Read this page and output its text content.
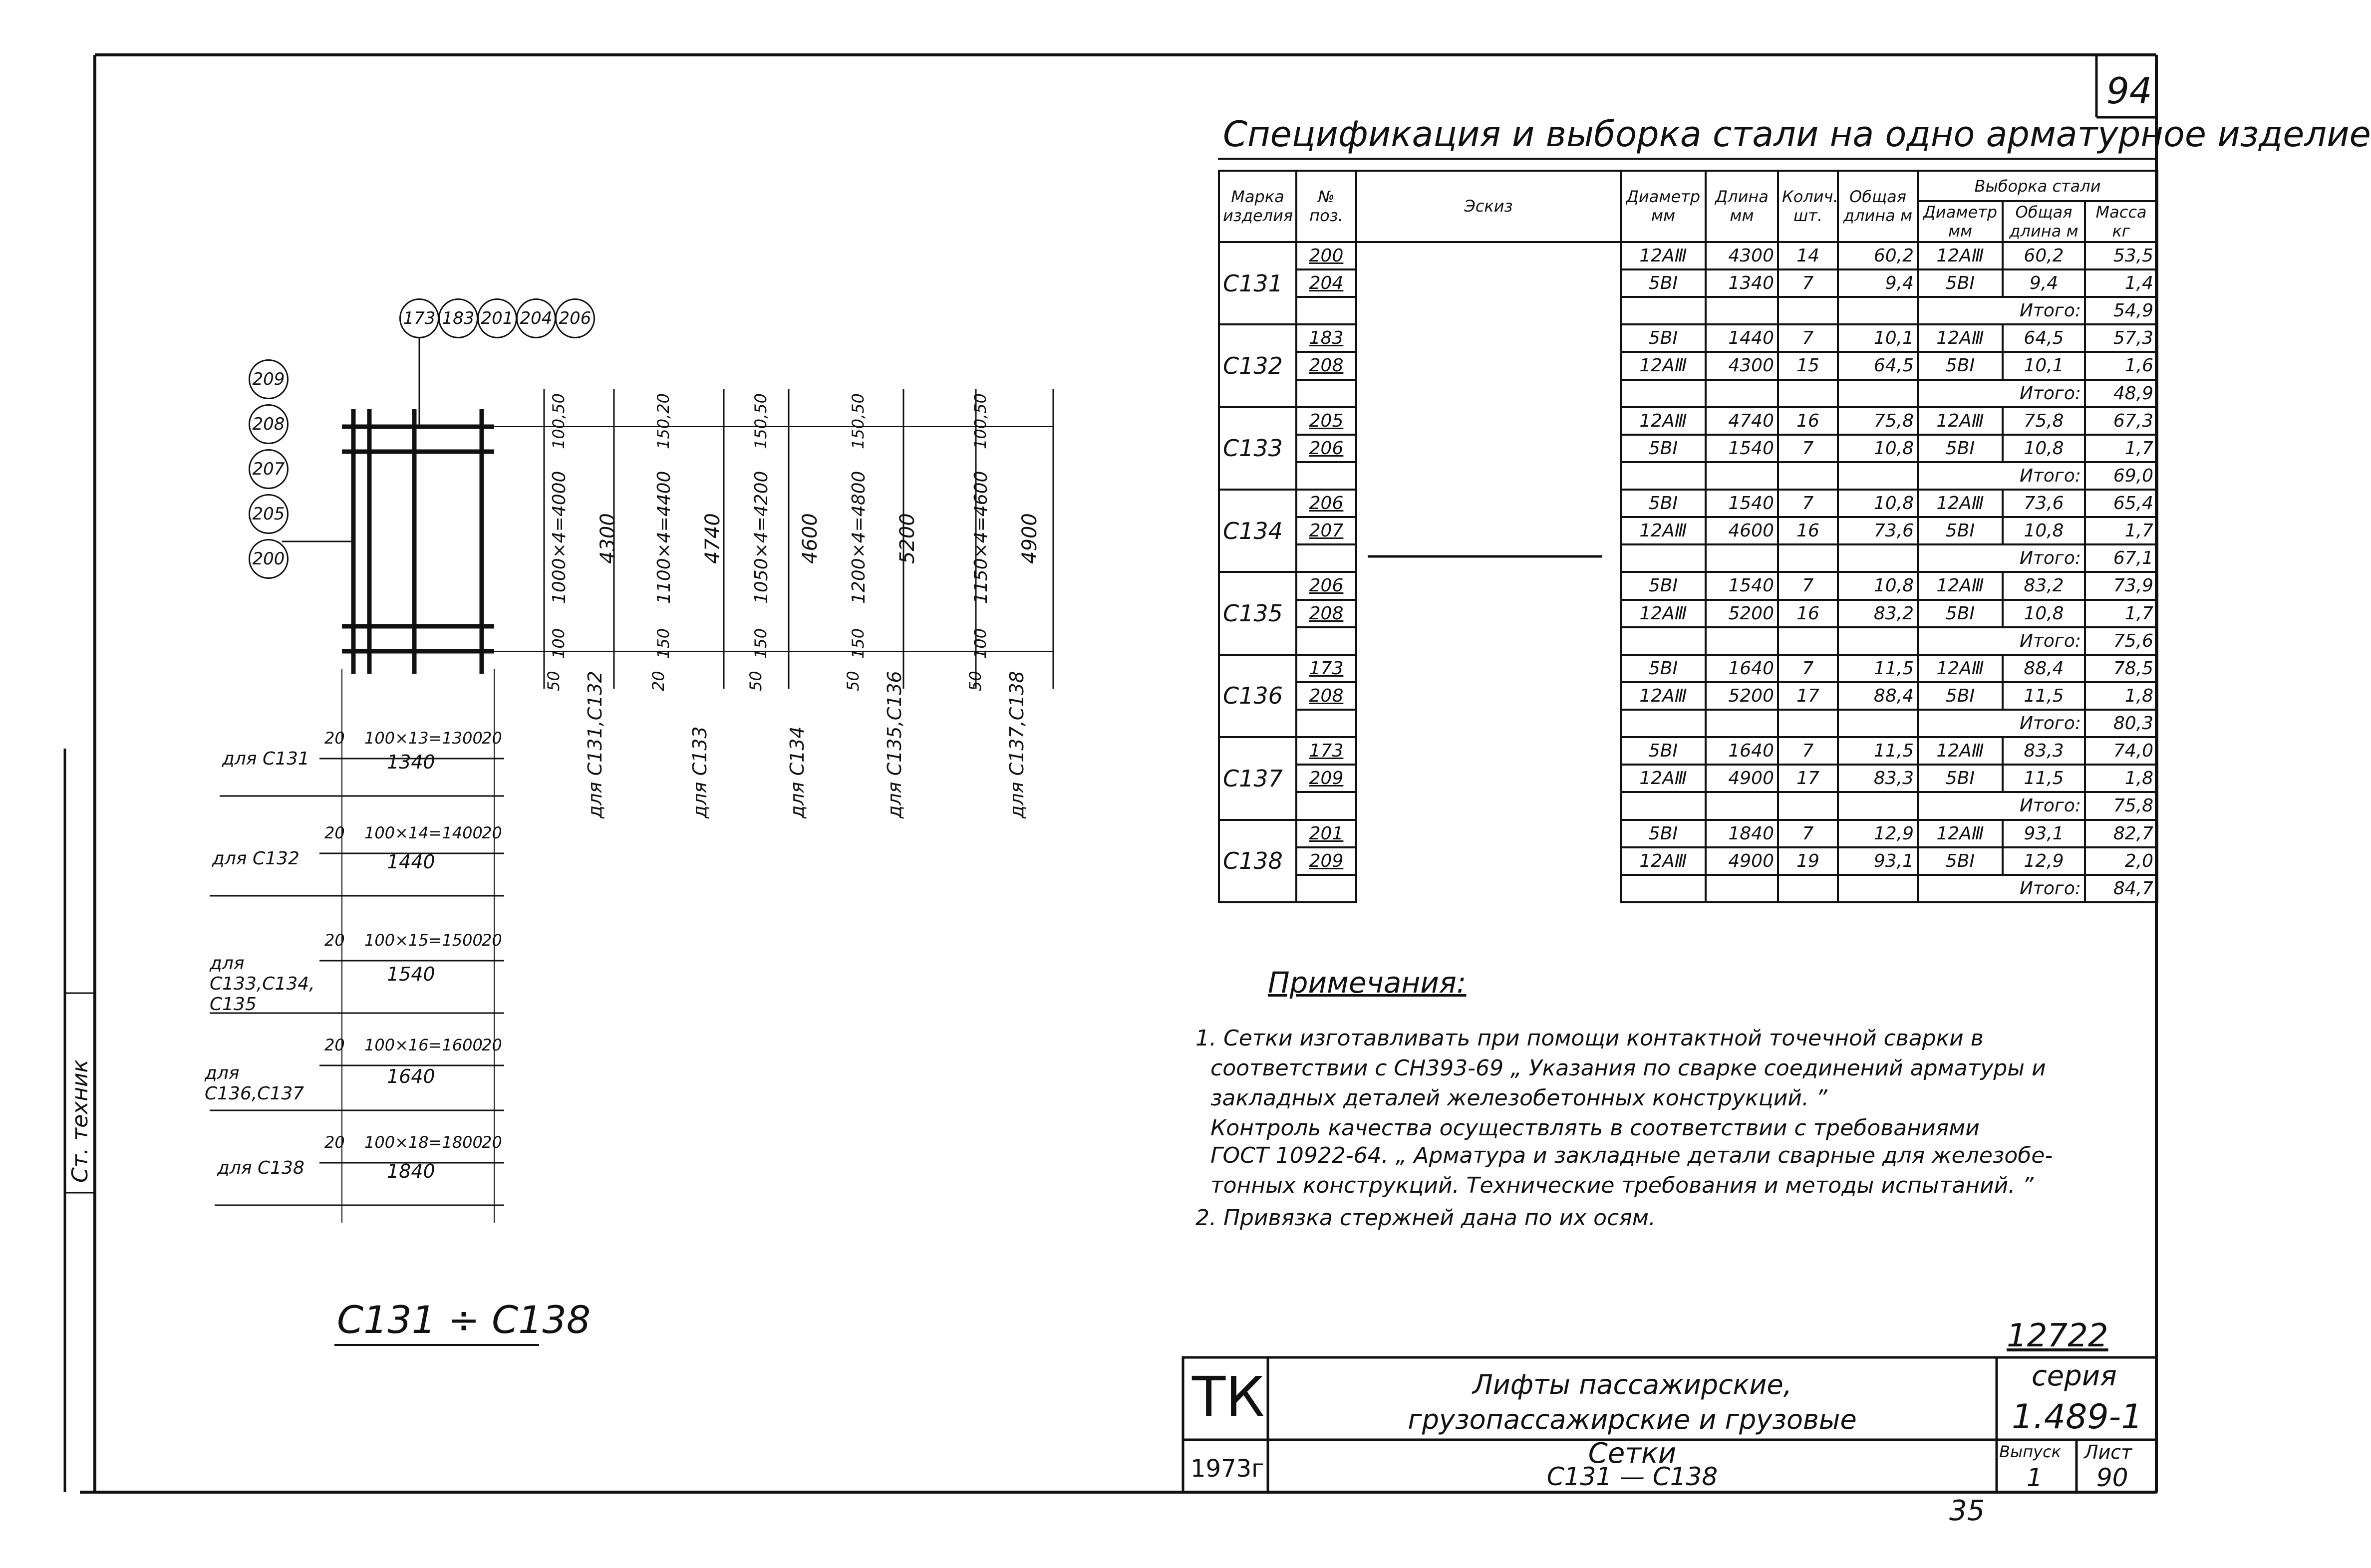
94
Спецификация и выборка стали на одно арматурное изделие
Ст. техник
Марка изделия	№ поз.	Эскиз	Диаметр мм	Длина мм	Колич. шт.	Общая длина м	Выборка стали		
							Диаметр мм	Общая длина м	Масса кг
С131	200		12АⅢ	4300	14	60,2	12АⅢ	60,2	53,5
	204		5ВⅠ	1340	7	9,4	5ВⅠ	9,4	1,4
							Итого:		54,9
С132	183		5ВⅠ	1440	7	10,1	12АⅢ	64,5	57,3
	208		12АⅢ	4300	15	64,5	5ВⅠ	10,1	1,6
							Итого:		48,9
С133	205		12АⅢ	4740	16	75,8	12АⅢ	75,8	67,3
	206		5ВⅠ	1540	7	10,8	5ВⅠ	10,8	1,7
							Итого:		69,0
С134	206		5ВⅠ	1540	7	10,8	12АⅢ	73,6	65,4
	207		12АⅢ	4600	16	73,6	5ВⅠ	10,8	1,7
							Итого:		67,1
С135	206		5ВⅠ	1540	7	10,8	12АⅢ	83,2	73,9
	208		12АⅢ	5200	16	83,2	5ВⅠ	10,8	1,7
							Итого:		75,6
С136	173		5ВⅠ	1640	7	11,5	12АⅢ	88,4	78,5
	208		12АⅢ	5200	17	88,4	5ВⅠ	11,5	1,8
							Итого:		80,3
С137	173		5ВⅠ	1640	7	11,5	12АⅢ	83,3	74,0
	209		12АⅢ	4900	17	83,3	5ВⅠ	11,5	1,8
							Итого:		75,8
С138	201		5ВⅠ	1840	7	12,9	12АⅢ	93,1	82,7
	209		12АⅢ	4900	19	93,1	5ВⅠ	12,9	2,0
							Итого:		84,7
Примечания:
1. Сетки изготавливать при помощи контактной точечной сварки в
соответствии с СН393-69 „ Указания по сварке соединений арматуры и
закладных деталей железобетонных конструкций. ”
Контроль качества осуществлять в соответствии с требованиями
ГОСТ 10922-64. „ Арматура и закладные детали сварные для железобе-
тонных конструкций. Технические требования и методы испытаний. ”
2. Привязка стержней дана по их осям.
173 183 201 204 206
209
208
207
205
200
100,50
1000×4=4000 4300
50
100
для С131,С132
150,20
1100×4=4400 4740
20
150
для С133
150,50
1050×4=4200 4600
50
150
для С134
150,50
1200×4=4800 5200
50
150
для С135,С136
100,50
1150×4=4600 4900
50
100
для С137,С138
20 100×13=1300
20
1340
для С131
20 100×14=1400
20
1440
для С132
20 100×15=1500
20
1540
для С133,С134, С135
20 100×16=1600
20
1640
для С136,С137
20 100×18=1800
20
1840
для С138
С131 ÷ С138
ТК
1973г
Лифты пассажирские, грузопассажирские и грузовые
Сетки
С131 — С138
12722
серия
1.489-1
Выпуск
1
Лист
90
35
